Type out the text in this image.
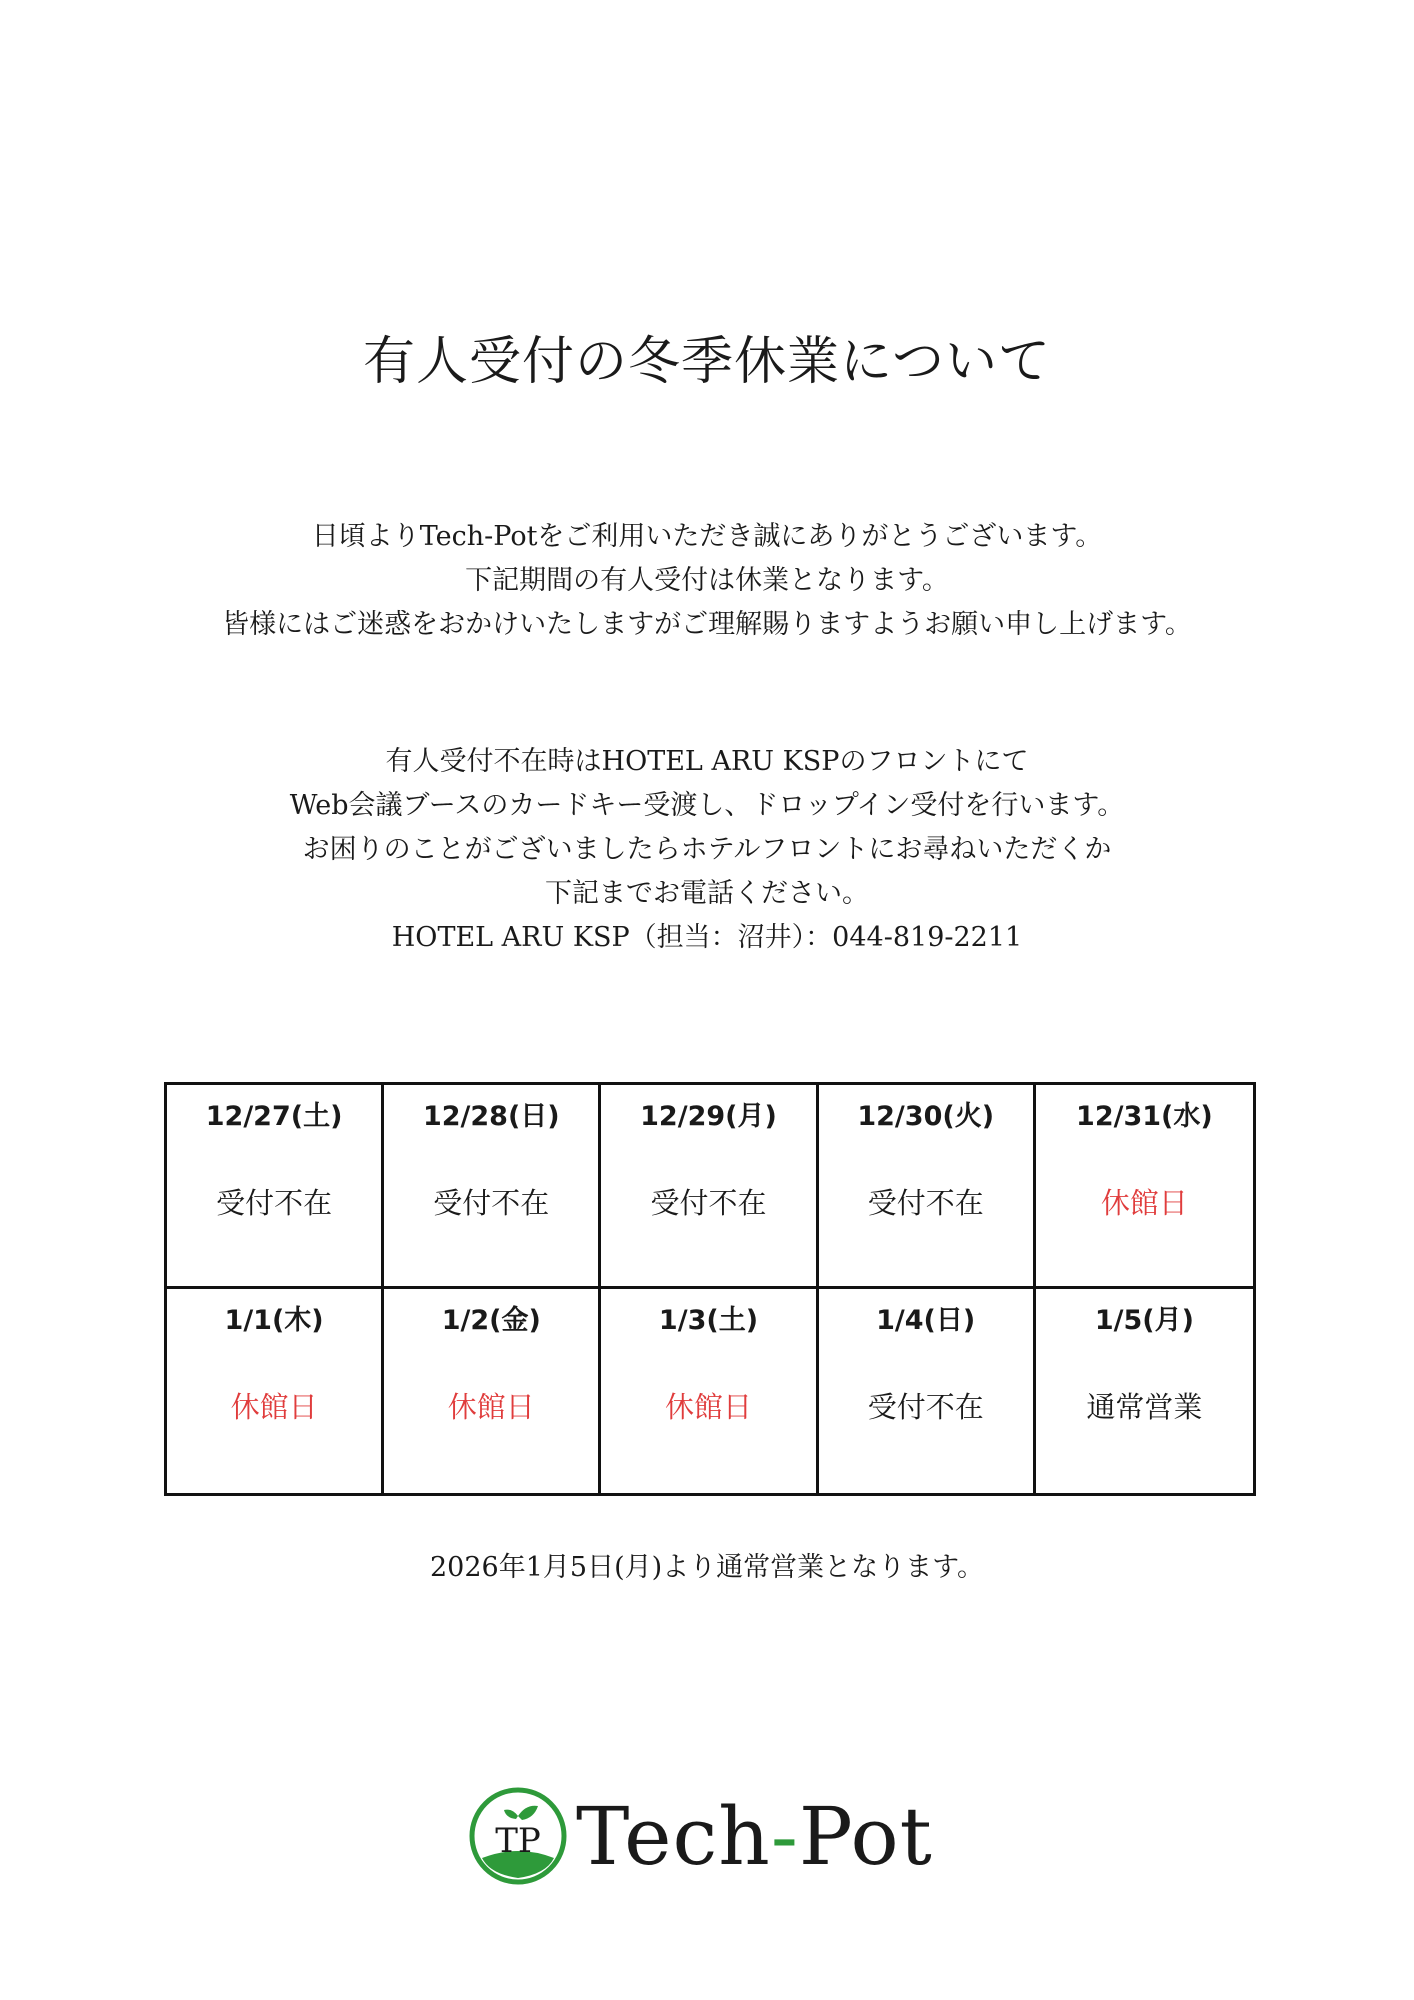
有人受付の冬季休業について

日頃よりTech-Potをご利用いただき誠にありがとうございます。
下記期間の有人受付は休業となります。
皆様にはご迷惑をおかけいたしますがご理解賜りますようお願い申し上げます。

有人受付不在時はHOTEL ARU KSPのフロントにて
Web会議ブースのカードキー受渡し、ドロップイン受付を行います。
お困りのことがございましたらホテルフロントにお尋ねいただくか
下記までお電話ください。
HOTEL ARU KSP（担当：沼井）：044-819-2211

12/27(土)
受付不在
12/28(日)
受付不在
12/29(月)
受付不在
12/30(火)
受付不在
12/31(水)
休館日
1/1(木)
休館日
1/2(金)
休館日
1/3(土)
休館日
1/4(日)
受付不在
1/5(月)
通常営業

2026年1月5日(月)より通常営業となります。

TP Tech-Pot
